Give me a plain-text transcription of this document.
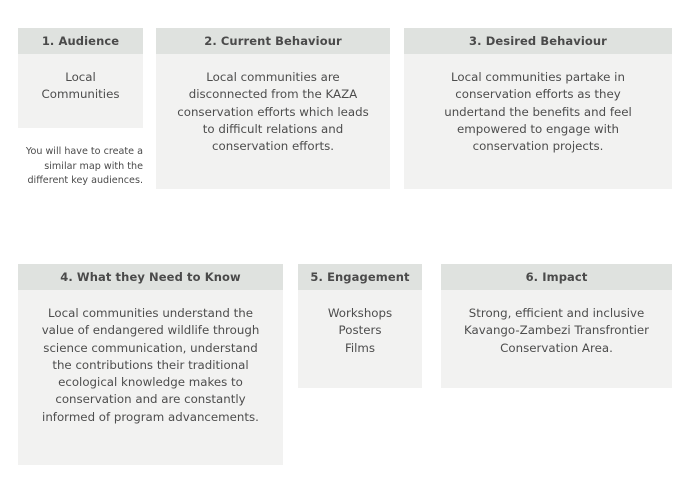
1. Audience
Local
Communities
You will have to create a
similar map with the
different key audiences.
2. Current Behaviour
Local communities are
disconnected from the KAZA
conservation efforts which leads
to difficult relations and
conservation efforts.
3. Desired Behaviour
Local communities partake in
conservation efforts as they
undertand the benefits and feel
empowered to engage with
conservation projects.
4. What they Need to Know
Local communities understand the
value of endangered wildlife through
science communication, understand
the contributions their traditional
ecological knowledge makes to
conservation and are constantly
informed of program advancements.
5. Engagement
Workshops
Posters
Films
6. Impact
Strong, efficient and inclusive
Kavango-Zambezi Transfrontier
Conservation Area.
